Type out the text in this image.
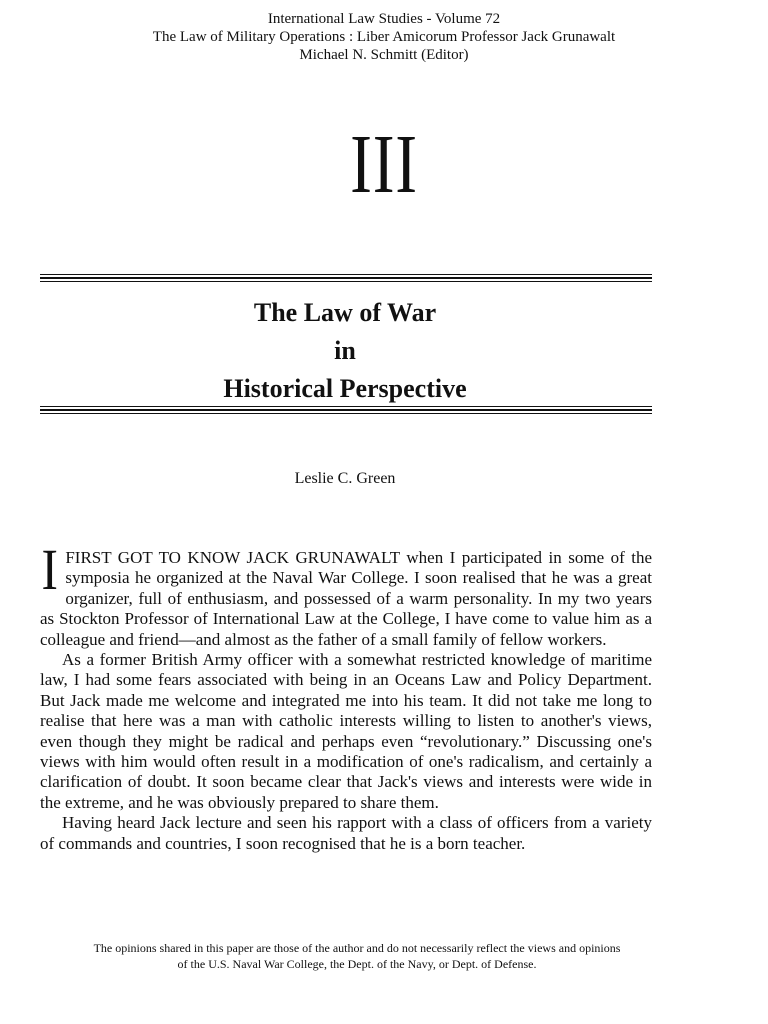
International Law Studies - Volume 72
The Law of Military Operations : Liber Amicorum Professor Jack Grunawalt
Michael N. Schmitt (Editor)
III
The Law of War
in
Historical Perspective
Leslie C. Green

I FIRST GOT TO KNOW JACK GRUNAWALT when I participated in some of the symposia he organized at the Naval War College. I soon realised that he was a great organizer, full of enthusiasm, and possessed of a warm personality. In my two years as Stockton Professor of International Law at the College, I have come to value him as a colleague and friend—and almost as the father of a small family of fellow workers.

As a former British Army officer with a somewhat restricted knowledge of maritime law, I had some fears associated with being in an Oceans Law and Policy Department. But Jack made me welcome and integrated me into his team. It did not take me long to realise that here was a man with catholic interests willing to listen to another's views, even though they might be radical and perhaps even “revolutionary.” Discussing one's views with him would often result in a modification of one's radicalism, and certainly a clarification of doubt. It soon became clear that Jack's views and interests were wide in the extreme, and he was obviously prepared to share them.

Having heard Jack lecture and seen his rapport with a class of officers from a variety of commands and countries, I soon recognised that he is a born teacher.

The opinions shared in this paper are those of the author and do not necessarily reflect the views and opinions
of the U.S. Naval War College, the Dept. of the Navy, or Dept. of Defense.
